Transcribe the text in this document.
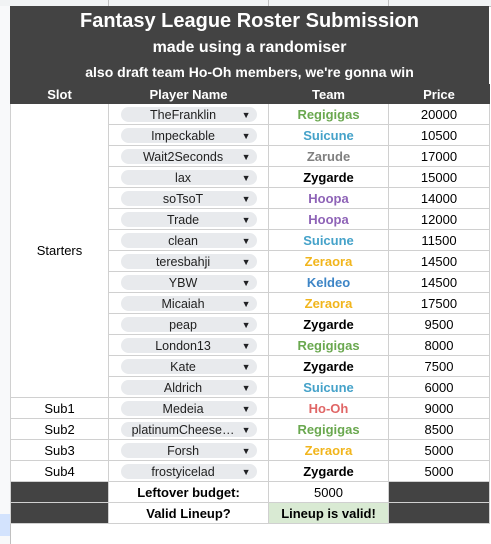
Fantasy League Roster Submission
made using a randomiser
also draft team Ho-Oh members, we're gonna win
Slot	Player Name	Team	Price
Starters	TheFranklin ▼	Regigigas	20000

	Impeckable ▼	Suicune	10500

	Wait2Seconds ▼	Zarude	17000

	lax ▼	Zygarde	15000

	soTsoT ▼	Hoopa	14000

	Trade ▼	Hoopa	12000

	clean ▼	Suicune	11500

	teresbahji ▼	Zeraora	14500

	YBW ▼	Keldeo	14500

	Micaiah ▼	Zeraora	17500

	peap ▼	Zygarde	9500

	London13 ▼	Regigigas	8000

	Kate ▼	Zygarde	7500

	Aldrich ▼	Suicune	6000
Sub1	Medeia ▼	Ho-Oh	9000
Sub2	platinumCheese… ▼	Regigigas	8500
Sub3	Forsh ▼	Zeraora	5000
Sub4	frostyicelad ▼	Zygarde	5000
	Leftover budget:	5000	
	Valid Lineup?	Lineup is valid!	
